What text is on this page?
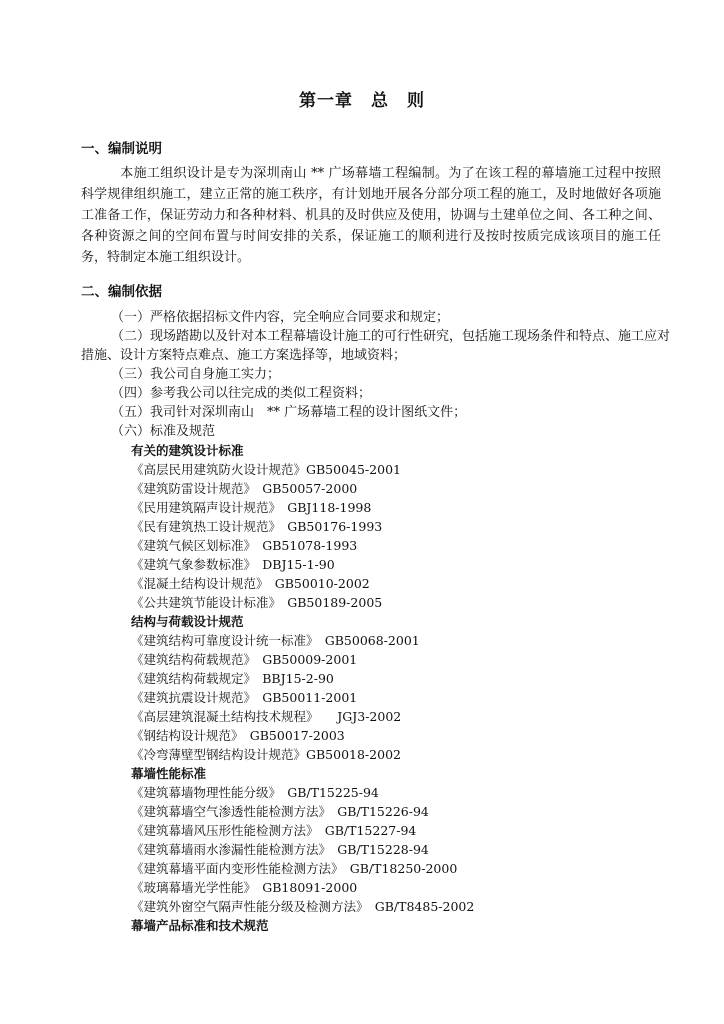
第一章 总　则
一、编制说明
本施工组织设计是专为深圳南山 ** 广场幕墙工程编制。为了在该工程的幕墙施工过程中按照科学规律组织施工，建立正常的施工秩序，有计划地开展各分部分项工程的施工，及时地做好各项施工准备工作，保证劳动力和各种材料、机具的及时供应及使用，协调与土建单位之间、各工种之间、各种资源之间的空间布置与时间安排的关系，保证施工的顺利进行及按时按质完成该项目的施工任务，特制定本施工组织设计。
二、编制依据
（一）严格依据招标文件内容，完全响应合同要求和规定；
（二）现场踏勘以及针对本工程幕墙设计施工的可行性研究，包括施工现场条件和特点、施工应对措施、设计方案特点难点、施工方案选择等，地域资料；
（三）我公司自身施工实力；
（四）参考我公司以往完成的类似工程资料；
（五）我司针对深圳南山　** 广场幕墙工程的设计图纸文件；
（六）标准及规范
有关的建筑设计标准
《高层民用建筑防火设计规范》GB50045-2001
《建筑防雷设计规范》　GB50057-2000
《民用建筑隔声设计规范》　GBJ118-1998
《民有建筑热工设计规范》　GB50176-1993
《建筑气候区划标准》　GB51078-1993
《建筑气象参数标准》　DBJ15-1-90
《混凝土结构设计规范》　GB50010-2002
《公共建筑节能设计标准》　GB50189-2005
结构与荷载设计规范
《建筑结构可靠度设计统一标准》　GB50068-2001
《建筑结构荷载规范》　GB50009-2001
《建筑结构荷载规定》　BBJ15-2-90
《建筑抗震设计规范》　GB50011-2001
《高层建筑混凝土结构技术规程》　　JGJ3-2002
《钢结构设计规范》　GB50017-2003
《冷弯薄壁型钢结构设计规范》GB50018-2002
幕墙性能标准
《建筑幕墙物理性能分级》　GB/T15225-94
《建筑幕墙空气渗透性能检测方法》　GB/T15226-94
《建筑幕墙风压形性能检测方法》　GB/T15227-94
《建筑幕墙雨水渗漏性能检测方法》　GB/T15228-94
《建筑幕墙平面内变形性能检测方法》　GB/T18250-2000
《玻璃幕墙光学性能》　GB18091-2000
《建筑外窗空气隔声性能分级及检测方法》　GB/T8485-2002
幕墙产品标准和技术规范
